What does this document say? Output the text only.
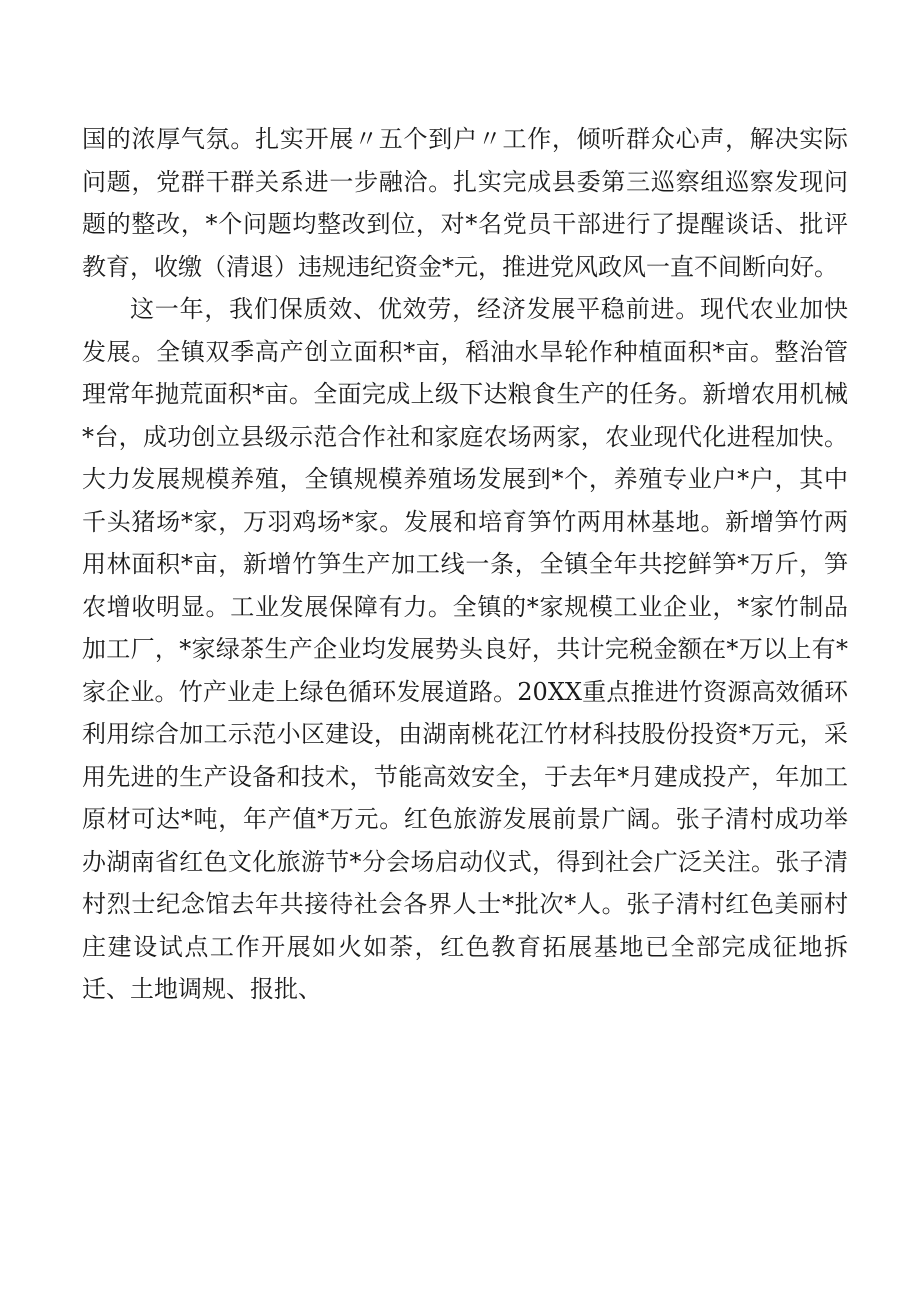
国的浓厚气氛。扎实开展〃五个到户〃工作，倾听群众心声，解决实际问题，党群干群关系进一步融洽。扎实完成县委第三巡察组巡察发现问题的整改，*个问题均整改到位，对*名党员干部进行了提醒谈话、批评教育，收缴（清退）违规违纪资金*元，推进党风政风一直不间断向好。

这一年，我们保质效、优效劳，经济发展平稳前进。现代农业加快发展。全镇双季高产创立面积*亩，稻油水旱轮作种植面积*亩。整治管理常年抛荒面积*亩。全面完成上级下达粮食生产的任务。新增农用机械*台，成功创立县级示范合作社和家庭农场两家，农业现代化进程加快。大力发展规模养殖，全镇规模养殖场发展到*个，养殖专业户*户，其中千头猪场*家，万羽鸡场*家。发展和培育笋竹两用林基地。新增笋竹两用林面积*亩，新增竹笋生产加工线一条，全镇全年共挖鲜笋*万斤，笋农增收明显。工业发展保障有力。全镇的*家规模工业企业，*家竹制品加工厂，*家绿茶生产企业均发展势头良好，共计完税金额在*万以上有*家企业。竹产业走上绿色循环发展道路。20XX重点推进竹资源高效循环利用综合加工示范小区建设，由湖南桃花江竹材科技股份投资*万元，采用先进的生产设备和技术，节能高效安全，于去年*月建成投产，年加工原材可达*吨，年产值*万元。红色旅游发展前景广阔。张子清村成功举办湖南省红色文化旅游节*分会场启动仪式，得到社会广泛关注。张子清村烈士纪念馆去年共接待社会各界人士*批次*人。张子清村红色美丽村庄建设试点工作开展如火如荼，红色教育拓展基地已全部完成征地拆迁、土地调规、报批、
